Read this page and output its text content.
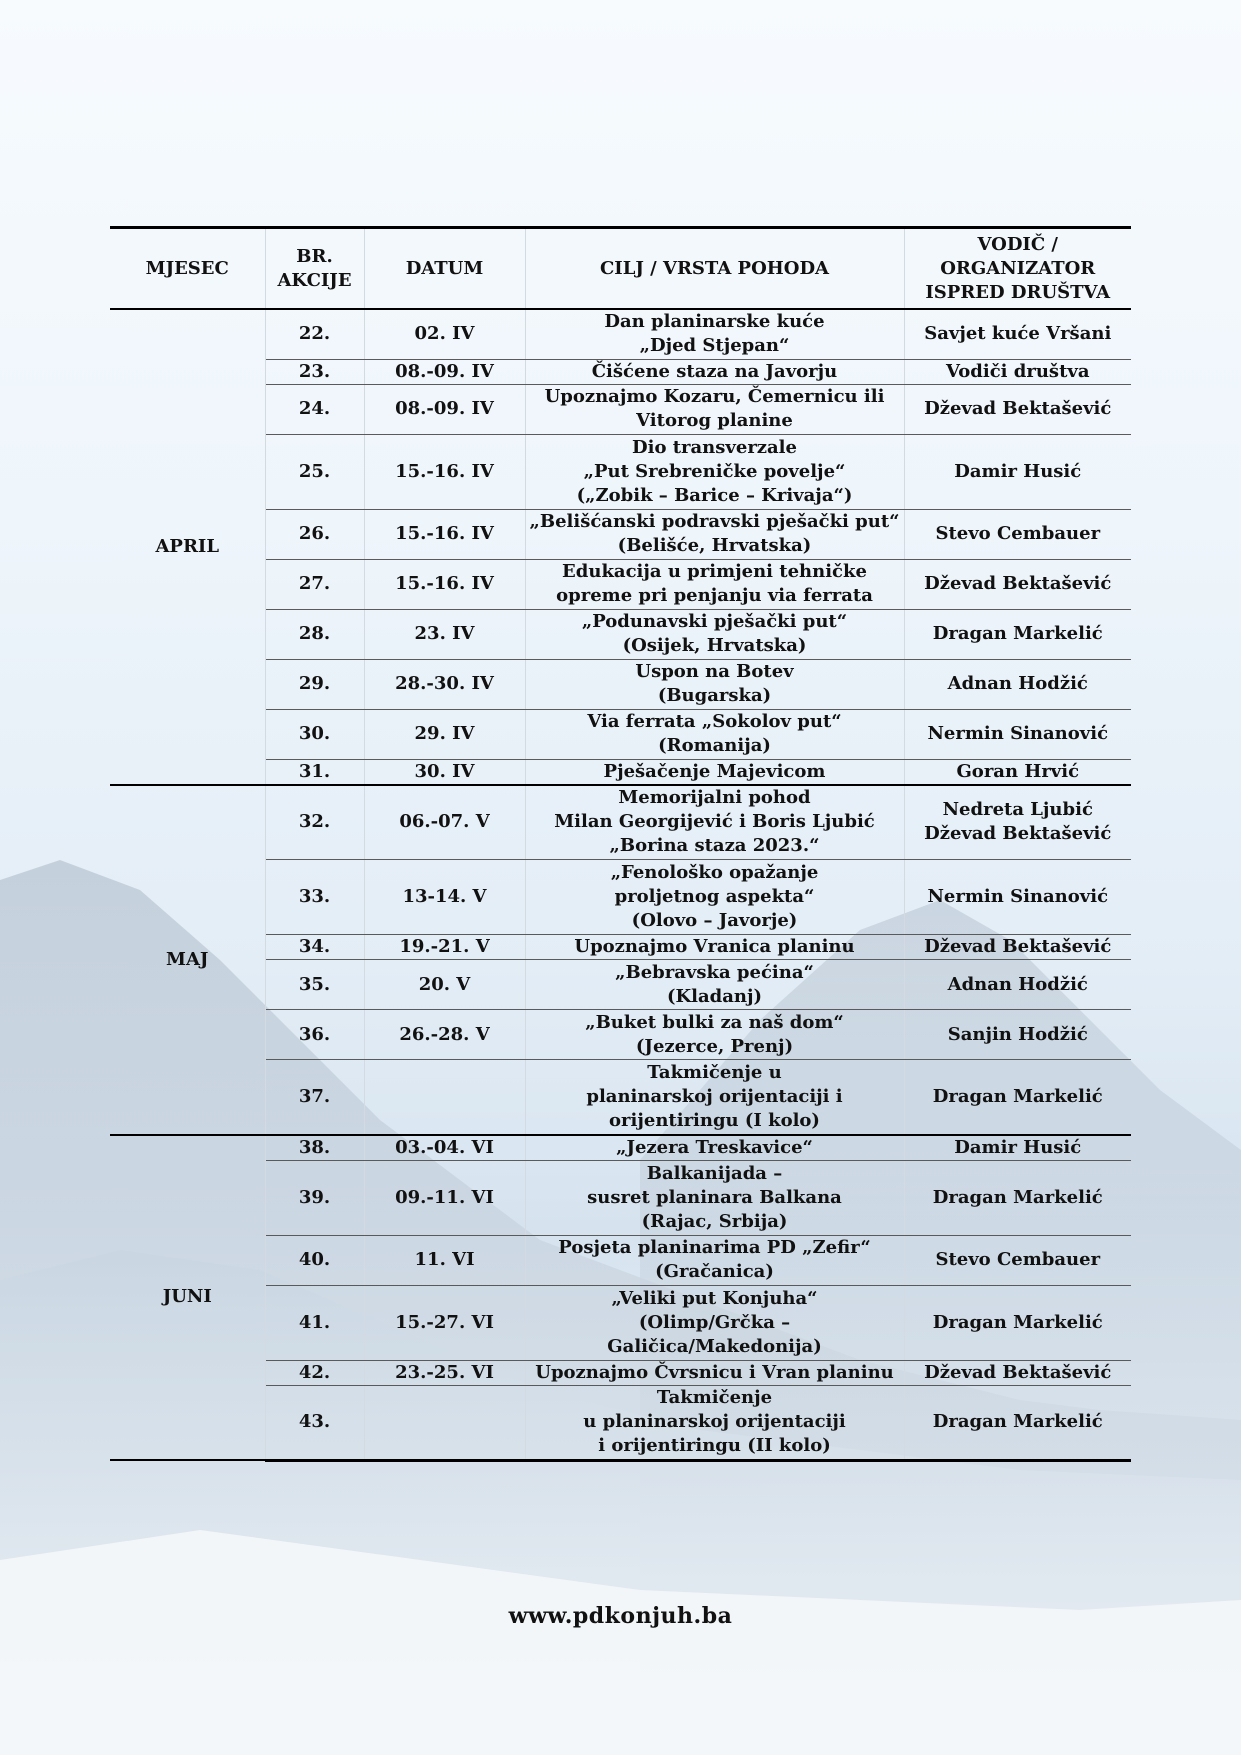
MJESEC	BR.
AKCIJE	DATUM	CILJ / VRSTA POHODA	VODIČ /
ORGANIZATOR
ISPRED DRUŠTVA

APRIL	22.	02. IV	Dan planinarske kuće
„Djed Stjepan“	Savjet kuće Vršani

	23.	08.-09. IV	Čišćene staza na Javorju	Vodiči društva

	24.	08.-09. IV	Upoznajmo Kozaru, Čemernicu ili
Vitorog planine	Dževad Bektašević

	25.	15.-16. IV	Dio transverzale
„Put Srebreničke povelje“
(„Zobik – Barice – Krivaja“)	Damir Husić

	26.	15.-16. IV	„Belišćanski podravski pješački put“
(Belišće, Hrvatska)	Stevo Cembauer

	27.	15.-16. IV	Edukacija u primjeni tehničke
opreme pri penjanju via ferrata	Dževad Bektašević

	28.	23. IV	„Podunavski pješački put“
(Osijek, Hrvatska)	Dragan Markelić

	29.	28.-30. IV	Uspon na Botev
(Bugarska)	Adnan Hodžić

	30.	29. IV	Via ferrata „Sokolov put“
(Romanija)	Nermin Sinanović

	31.	30. IV	Pješačenje Majevicom	Goran Hrvić

MAJ	32.	06.-07. V	Memorijalni pohod
Milan Georgijević i Boris Ljubić
„Borina staza 2023.“	Nedreta Ljubić
Dževad Bektašević

	33.	13-14. V	„Fenološko opažanje
proljetnog aspekta“
(Olovo – Javorje)	Nermin Sinanović

	34.	19.-21. V	Upoznajmo Vranica planinu	Dževad Bektašević

	35.	20. V	„Bebravska pećina“
(Kladanj)	Adnan Hodžić

	36.	26.-28. V	„Buket bulki za naš dom“
(Jezerce, Prenj)	Sanjin Hodžić

	37.		Takmičenje u
planinarskoj orijentaciji i
orijentiringu (I kolo)	Dragan Markelić

JUNI	38.	03.-04. VI	„Jezera Treskavice“	Damir Husić

	39.	09.-11. VI	Balkanijada –
susret planinara Balkana
(Rajac, Srbija)	Dragan Markelić

	40.	11. VI	Posjeta planinarima PD „Zefir“
(Gračanica)	Stevo Cembauer

	41.	15.-27. VI	„Veliki put Konjuha“
(Olimp/Grčka –
Galičica/Makedonija)	Dragan Markelić

	42.	23.-25. VI	Upoznajmo Čvrsnicu i Vran planinu	Dževad Bektašević

	43.		Takmičenje
u planinarskoj orijentaciji
i orijentiringu (II kolo)	Dragan Markelić
www.pdkonjuh.ba
